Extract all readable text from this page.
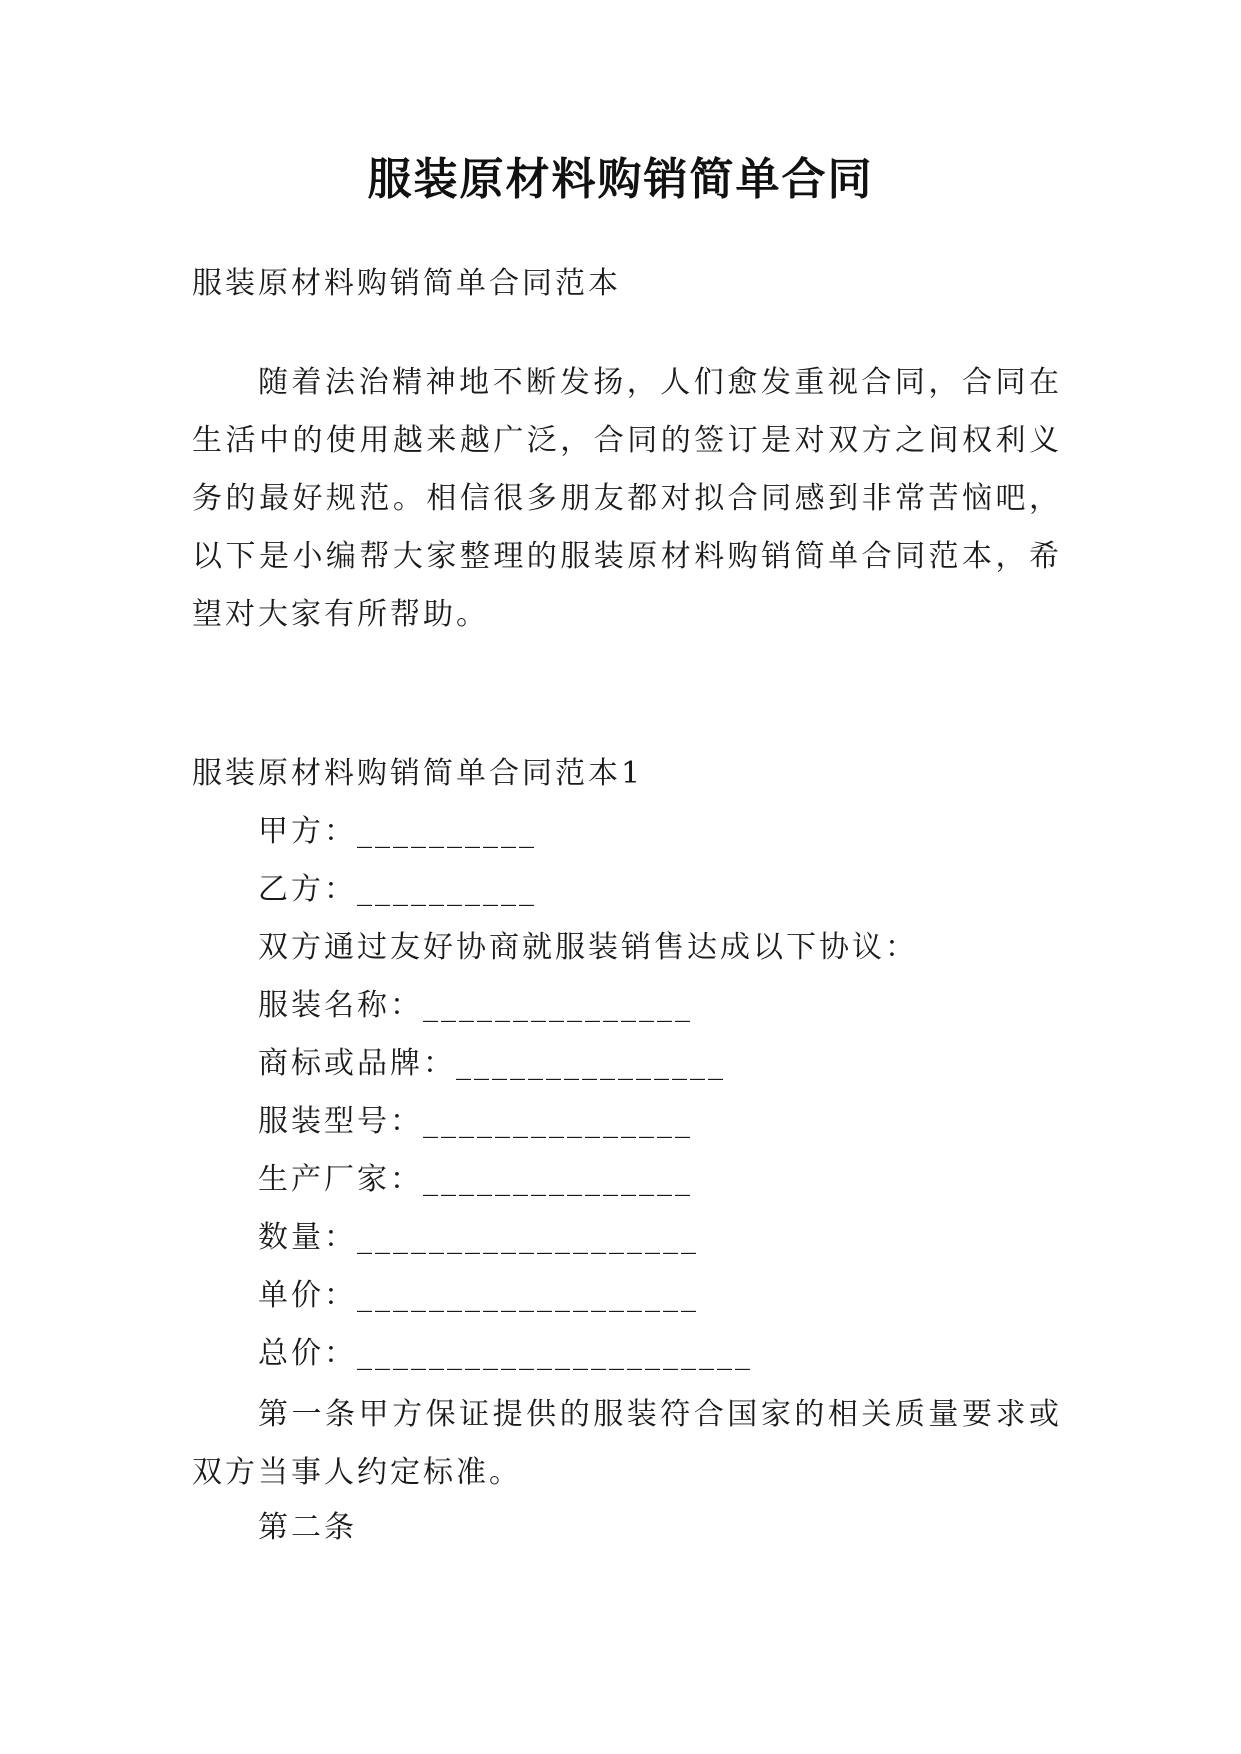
服装原材料购销简单合同
服装原材料购销简单合同范本
随着法治精神地不断发扬，人们愈发重视合同，合同在生活中的使用越来越广泛，合同的签订是对双方之间权利义务的最好规范。相信很多朋友都对拟合同感到非常苦恼吧，以下是小编帮大家整理的服装原材料购销简单合同范本，希望对大家有所帮助。
服装原材料购销简单合同范本1
甲方：__________
乙方：__________
双方通过友好协商就服装销售达成以下协议：
服装名称：_______________
商标或品牌：_______________
服装型号：_______________
生产厂家：_______________
数量：___________________
单价：___________________
总价：______________________
第一条甲方保证提供的服装符合国家的相关质量要求或双方当事人约定标准。
第二条
